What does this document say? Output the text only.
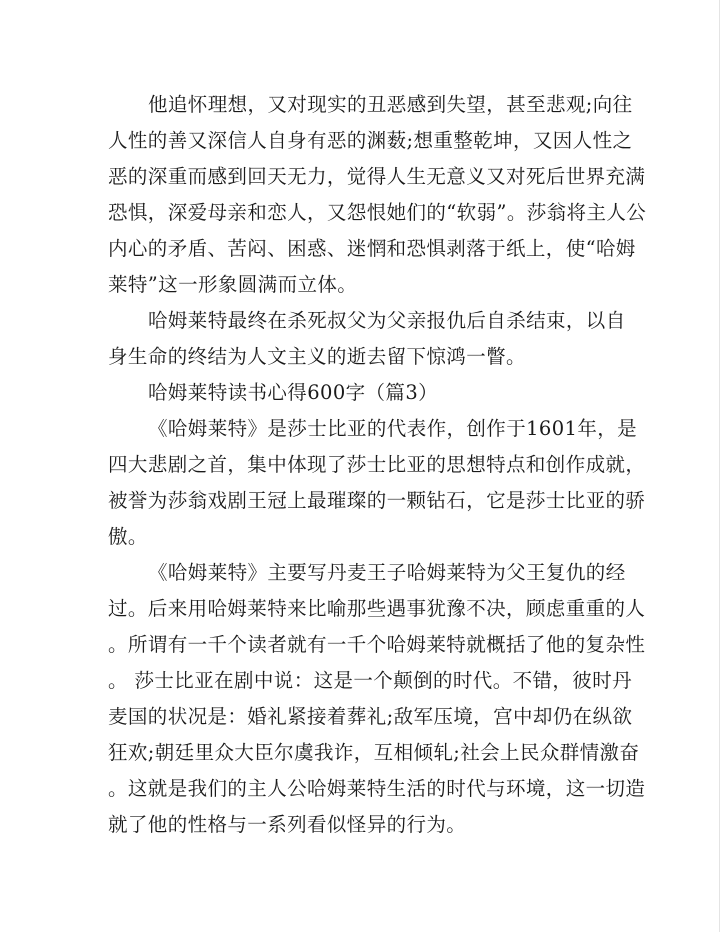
他追怀理想，又对现实的丑恶感到失望，甚至悲观;向往
人性的善又深信人自身有恶的渊薮;想重整乾坤，又因人性之
恶的深重而感到回天无力，觉得人生无意义又对死后世界充满
恐惧，深爱母亲和恋人，又怨恨她们的“软弱”。莎翁将主人公
内心的矛盾、苦闷、困惑、迷惘和恐惧剥落于纸上，使“哈姆
莱特”这一形象圆满而立体。
哈姆莱特最终在杀死叔父为父亲报仇后自杀结束，以自
身生命的终结为人文主义的逝去留下惊鸿一瞥。
哈姆莱特读书心得600字（篇3）
《哈姆莱特》是莎士比亚的代表作，创作于1601年，是
四大悲剧之首，集中体现了莎士比亚的思想特点和创作成就，
被誉为莎翁戏剧王冠上最璀璨的一颗钻石，它是莎士比亚的骄
傲。
《哈姆莱特》主要写丹麦王子哈姆莱特为父王复仇的经
过。后来用哈姆莱特来比喻那些遇事犹豫不决，顾虑重重的人
。所谓有一千个读者就有一千个哈姆莱特就概括了他的复杂性
。 莎士比亚在剧中说：这是一个颠倒的时代。不错，彼时丹
麦国的状况是：婚礼紧接着葬礼;敌军压境，宫中却仍在纵欲
狂欢;朝廷里众大臣尔虞我诈，互相倾轧;社会上民众群情激奋
。这就是我们的主人公哈姆莱特生活的时代与环境，这一切造
就了他的性格与一系列看似怪异的行为。
